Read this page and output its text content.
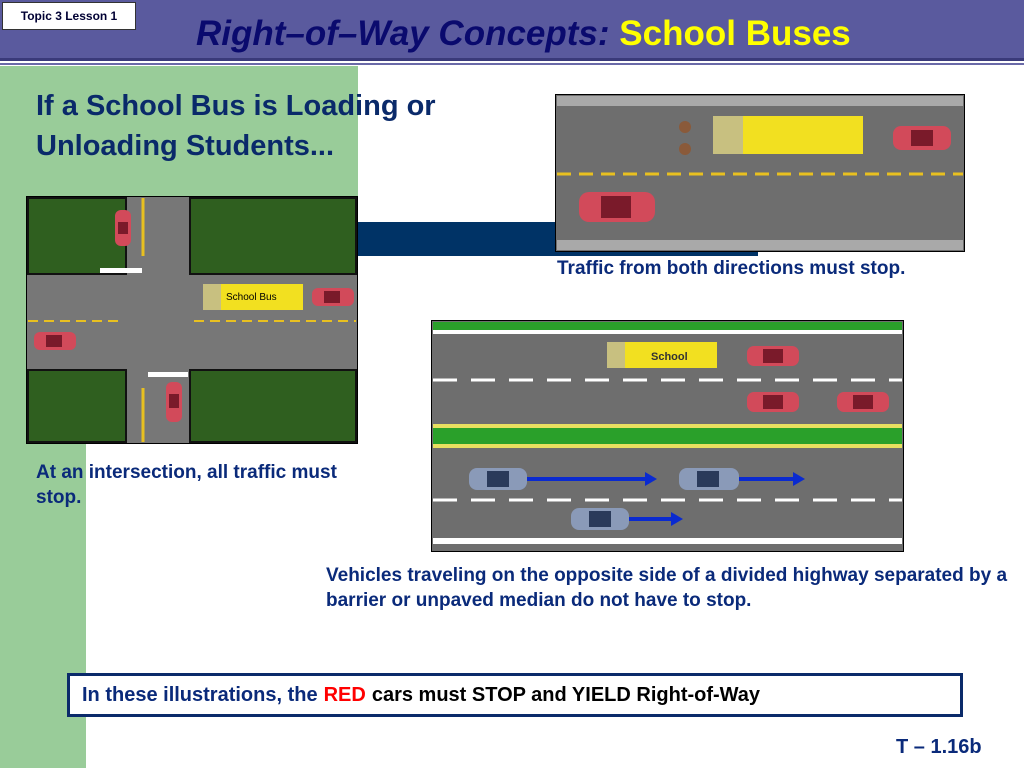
Topic 3 Lesson 1	Right–of–Way Concepts: School Buses
If a School Bus is Loading or Unloading Students...
School Bus
At an intersection, all traffic must stop.
Traffic from both directions must stop.
School
Vehicles traveling on the opposite side of a divided highway separated by a barrier or unpaved median do not have to stop.
In these illustrations, the RED cars must STOP and YIELD Right-of-Way
T – 1.16b
